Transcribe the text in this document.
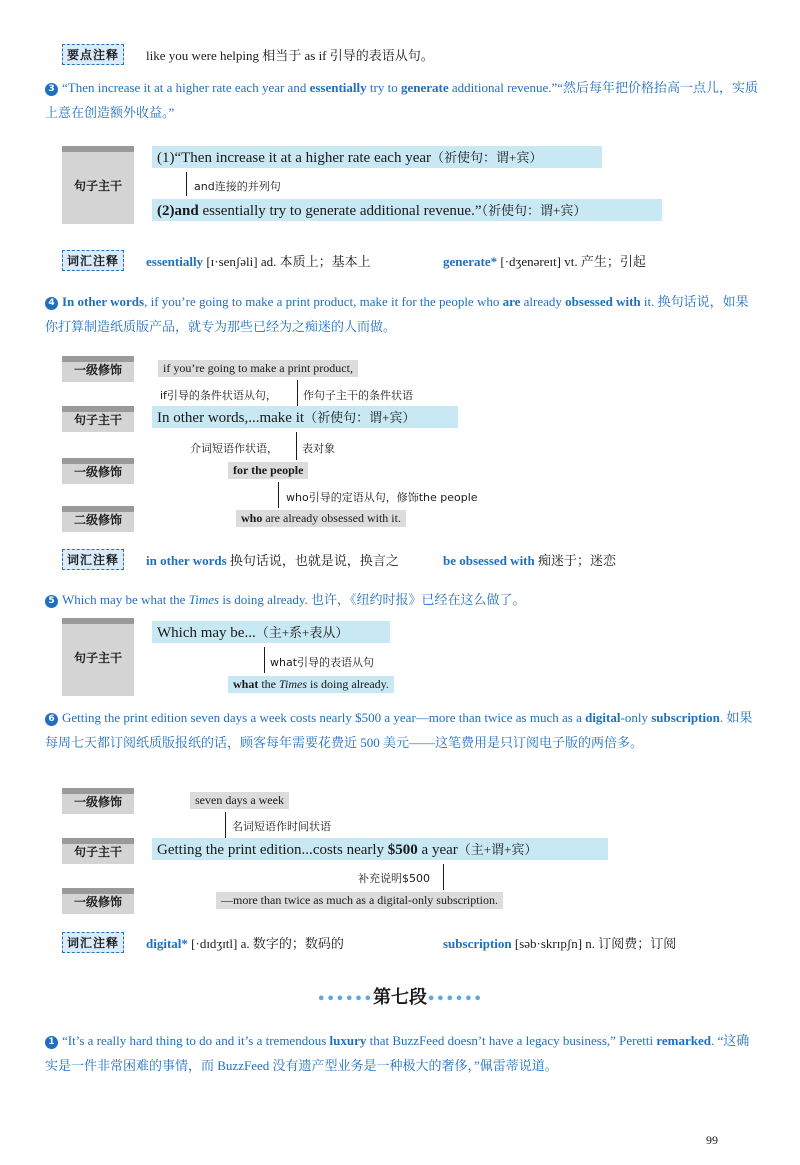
要点注释	like you were helping 相当于 as if 引导的表语从句。
3 “Then increase it at a higher rate each year and essentially try to generate additional revenue.”“然后每年把价格抬高一点儿，实质上意在创造额外收益。”
句子主干
(1)“Then increase it at a higher rate each year（祈使句：谓+宾）
and连接的并列句
(2)and essentially try to generate additional revenue.”（祈使句：谓+宾）
词汇注释	essentially [ɪ·senʃəli] ad. 本质上；基本上	generate* [·dʒenəreɪt] vt. 产生；引起
4 In other words, if you’re going to make a print product, make it for the people who are already obsessed with it. 换句话说，如果你打算制造纸质版产品，就专为那些已经为之痴迷的人而做。
一级修饰	if you’re going to make a print product,
if引导的条件状语从句， 作句子主干的条件状语
句子主干	In other words,...make it（祈使句：谓+宾）
介词短语作状语， 表对象
一级修饰	for the people
who引导的定语从句，修饰the people
二级修饰	who are already obsessed with it.
词汇注释	in other words 换句话说，也就是说，换言之	be obsessed with 痴迷于；迷恋
5 Which may be what the Times is doing already. 也许，《纽约时报》已经在这么做了。
句子主干
Which may be...（主+系+表从）
what引导的表语从句
what the Times is doing already.
6 Getting the print edition seven days a week costs nearly $500 a year—more than twice as much as a digital-only subscription. 如果每周七天都订阅纸质版报纸的话，顾客每年需要花费近 500 美元——这笔费用是只订阅电子版的两倍多。
一级修饰	seven days a week
名词短语作时间状语
句子主干	Getting the print edition...costs nearly $500 a year（主+谓+宾）
补充说明$500
一级修饰	—more than twice as much as a digital-only subscription.
词汇注释	digital* [·dɪdʒɪtl] a. 数字的；数码的	subscription [səb·skrɪpʃn] n. 订阅费；订阅
••••••第七段••••••
1 “It’s a really hard thing to do and it’s a tremendous luxury that BuzzFeed doesn’t have a legacy business,” Peretti remarked. “这确实是一件非常困难的事情，而 BuzzFeed 没有遗产型业务是一种极大的奢侈，”佩雷蒂说道。
99
